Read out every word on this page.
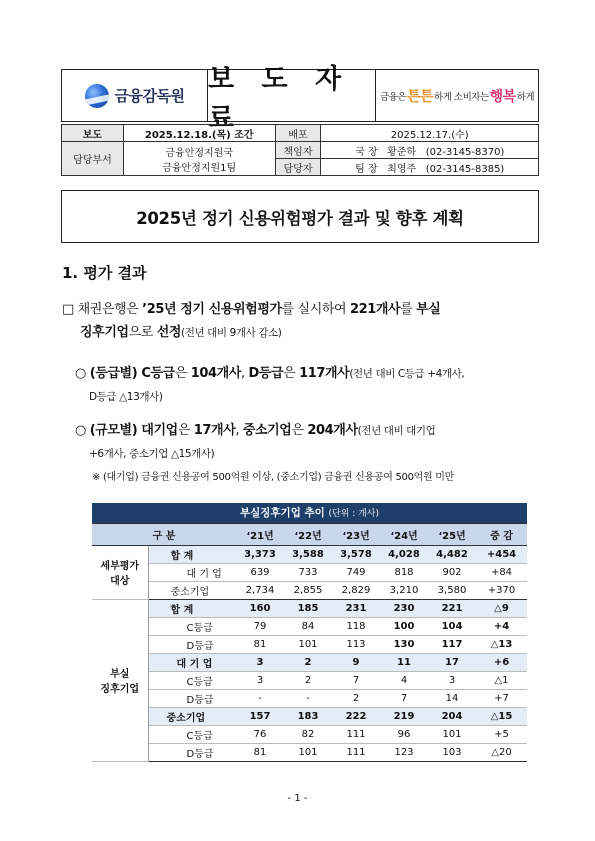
금융감독원
보 도 자 료
금융은 튼튼 하게 소비자는 행복 하게
보도	2025.12.18.(목) 조간	배포	2025.12.17.(수)
담당부서	금융안정지원국
금융안정지원1팀	책임자	국 장 황준하 (02-3145-8370)
		담당자	팀 장 최영주 (02-3145-8385)
2025년 정기 신용위험평가 결과 및 향후 계획
1. 평가 결과
□ 채권은행은 ’25년 정기 신용위험평가를 실시하여 221개사를 부실
징후기업으로 선정(전년 대비 9개사 감소)
○ (등급별) C등급은 104개사, D등급은 117개사(전년 대비 C등급 +4개사,
D등급 △13개사)
○ (규모별) 대기업은 17개사, 중소기업은 204개사(전년 대비 대기업
+6개사, 중소기업 △15개사)
※ (대기업) 금융권 신용공여 500억원 이상, (중소기업) 금융권 신용공여 500억원 미만
부실징후기업 추이 (단위 : 개사)							
구 분		‘21년	‘22년	‘23년	‘24년	‘25년	증 감

세부평가
대상	합 계	3,373	3,588	3,578	4,028	4,482	+454
	대 기 업	639	733	749	818	902	+84
	중소기업	2,734	2,855	2,829	3,210	3,580	+370

부실
징후기업	합 계	160	185	231	230	221	△9
	C등급	79	84	118	100	104	+4
	D등급	81	101	113	130	117	△13
	대 기 업	3	2	9	11	17	+6
	C등급	3	2	7	4	3	△1
	D등급	-	-	2	7	14	+7
	중소기업	157	183	222	219	204	△15
	C등급	76	82	111	96	101	+5
	D등급	81	101	111	123	103	△20
- 1 -
